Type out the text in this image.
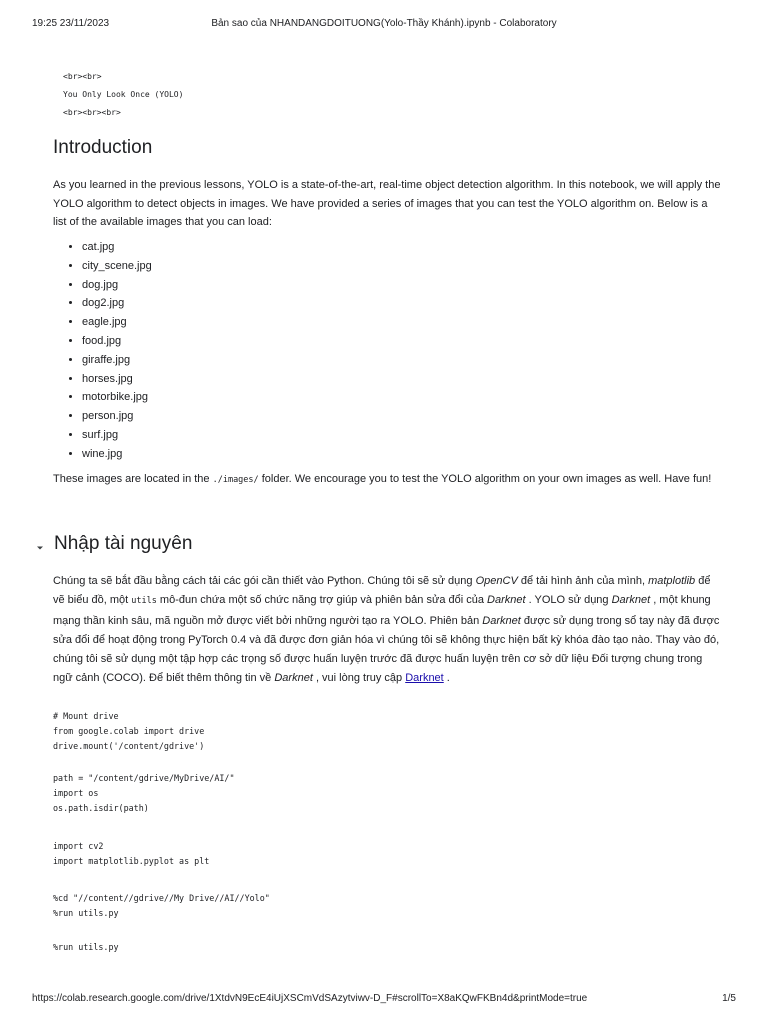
19:25 23/11/2023	Bản sao của NHANDANGDOITUONG(Yolo-Thầy Khánh).ipynb - Colaboratory
<br><br>
You Only Look Once (YOLO)
<br><br><br>
Introduction

As you learned in the previous lessons, YOLO is a state-of-the-art, real-time object detection algorithm. In this notebook, we will apply the YOLO algorithm to detect objects in images. We have provided a series of images that you can test the YOLO algorithm on. Below is a list of the available images that you can load:

• cat.jpg
• city_scene.jpg
• dog.jpg
• dog2.jpg
• eagle.jpg
• food.jpg
• giraffe.jpg
• horses.jpg
• motorbike.jpg
• person.jpg
• surf.jpg
• wine.jpg

These images are located in the ./images/ folder. We encourage you to test the YOLO algorithm on your own images as well. Have fun!

Nhập tài nguyên

Chúng ta sẽ bắt đầu bằng cách tải các gói cần thiết vào Python. Chúng tôi sẽ sử dụng OpenCV để tải hình ảnh của mình, matplotlib để vẽ biểu đồ, một utils mô-đun chứa một số chức năng trợ giúp và phiên bản sửa đổi của Darknet . YOLO sử dụng Darknet , một khung mạng thần kinh sâu, mã nguồn mở được viết bởi những người tạo ra YOLO. Phiên bản Darknet được sử dụng trong sổ tay này đã được sửa đổi để hoạt động trong PyTorch 0.4 và đã được đơn giản hóa vì chúng tôi sẽ không thực hiện bất kỳ khóa đào tạo nào. Thay vào đó, chúng tôi sẽ sử dụng một tập hợp các trọng số được huấn luyện trước đã được huấn luyện trên cơ sở dữ liệu Đối tượng chung trong ngữ cảnh (COCO). Để biết thêm thông tin về Darknet , vui lòng truy cập Darknet .

# Mount drive
from google.colab import drive
drive.mount('/content/gdrive')
path = "/content/gdrive/MyDrive/AI/"
import os
os.path.isdir(path)
import cv2
import matplotlib.pyplot as plt
%cd "//content//gdrive//My Drive//AI//Yolo"
%run utils.py
%run utils.py
https://colab.research.google.com/drive/1XtdvN9EcE4iUjXSCmVdSAzytviwv-D_F#scrollTo=X8aKQwFKBn4d&printMode=true	1/5
